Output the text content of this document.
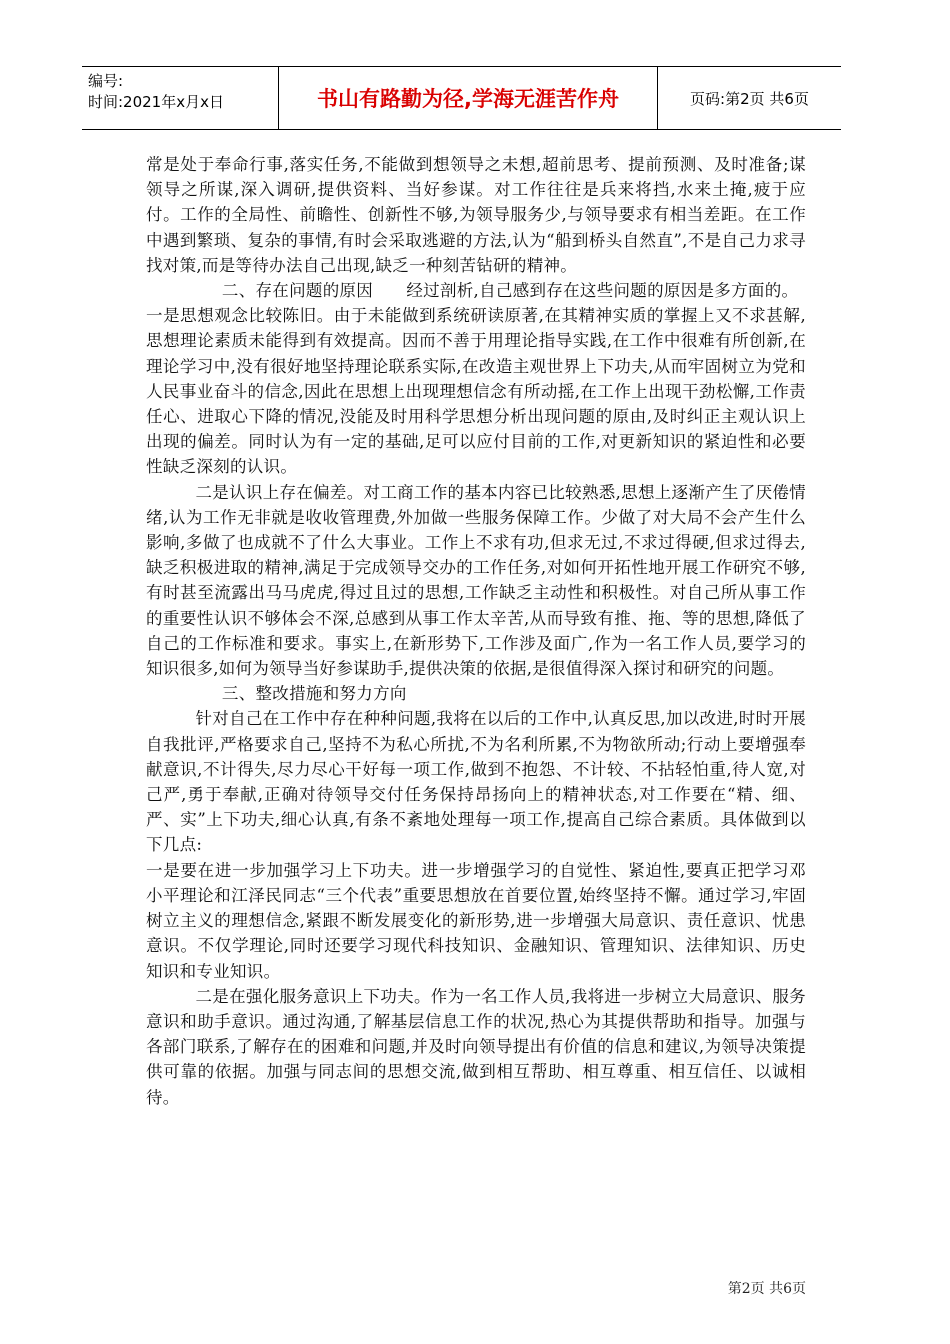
编号:
时间:2021年x月x日	书山有路勤为径,学海无涯苦作舟	页码:第2页 共6页

常是处于奉命行事,落实任务,不能做到想领导之未想,超前思考、提前预测、及时准备;谋领导之所谋,深入调研,提供资料、当好参谋。对工作往往是兵来将挡,水来土掩,疲于应付。工作的全局性、前瞻性、创新性不够,为领导服务少,与领导要求有相当差距。在工作中遇到繁琐、复杂的事情,有时会采取逃避的方法,认为“船到桥头自然直”,不是自己力求寻找对策,而是等待办法自己出现,缺乏一种刻苦钻研的精神。

二、存在问题的原因      经过剖析,自己感到存在这些问题的原因是多方面的。

一是思想观念比较陈旧。由于未能做到系统研读原著,在其精神实质的掌握上又不求甚解,思想理论素质未能得到有效提高。因而不善于用理论指导实践,在工作中很难有所创新,在理论学习中,没有很好地坚持理论联系实际,在改造主观世界上下功夫,从而牢固树立为党和人民事业奋斗的信念,因此在思想上出现理想信念有所动摇,在工作上出现干劲松懈,工作责任心、进取心下降的情况,没能及时用科学思想分析出现问题的原由,及时纠正主观认识上出现的偏差。同时认为有一定的基础,足可以应付目前的工作,对更新知识的紧迫性和必要性缺乏深刻的认识。

二是认识上存在偏差。对工商工作的基本内容已比较熟悉,思想上逐渐产生了厌倦情绪,认为工作无非就是收收管理费,外加做一些服务保障工作。少做了对大局不会产生什么影响,多做了也成就不了什么大事业。工作上不求有功,但求无过,不求过得硬,但求过得去,缺乏积极进取的精神,满足于完成领导交办的工作任务,对如何开拓性地开展工作研究不够,有时甚至流露出马马虎虎,得过且过的思想,工作缺乏主动性和积极性。对自己所从事工作的重要性认识不够体会不深,总感到从事工作太辛苦,从而导致有推、拖、等的思想,降低了自己的工作标准和要求。事实上,在新形势下,工作涉及面广,作为一名工作人员,要学习的知识很多,如何为领导当好参谋助手,提供决策的依据,是很值得深入探讨和研究的问题。

三、整改措施和努力方向

针对自己在工作中存在种种问题,我将在以后的工作中,认真反思,加以改进,时时开展自我批评,严格要求自己,坚持不为私心所扰,不为名利所累,不为物欲所动;行动上要增强奉献意识,不计得失,尽力尽心干好每一项工作,做到不抱怨、不计较、不拈轻怕重,待人宽,对己严,勇于奉献,正确对待领导交付任务保持昂扬向上的精神状态,对工作要在“精、细、严、实”上下功夫,细心认真,有条不紊地处理每一项工作,提高自己综合素质。具体做到以下几点:

一是要在进一步加强学习上下功夫。进一步增强学习的自觉性、紧迫性,要真正把学习邓小平理论和江泽民同志“三个代表”重要思想放在首要位置,始终坚持不懈。通过学习,牢固树立主义的理想信念,紧跟不断发展变化的新形势,进一步增强大局意识、责任意识、忧患意识。不仅学理论,同时还要学习现代科技知识、金融知识、管理知识、法律知识、历史知识和专业知识。

二是在强化服务意识上下功夫。作为一名工作人员,我将进一步树立大局意识、服务意识和助手意识。通过沟通,了解基层信息工作的状况,热心为其提供帮助和指导。加强与各部门联系,了解存在的困难和问题,并及时向领导提出有价值的信息和建议,为领导决策提供可靠的依据。加强与同志间的思想交流,做到相互帮助、相互尊重、相互信任、以诚相待。

第2页 共6页
